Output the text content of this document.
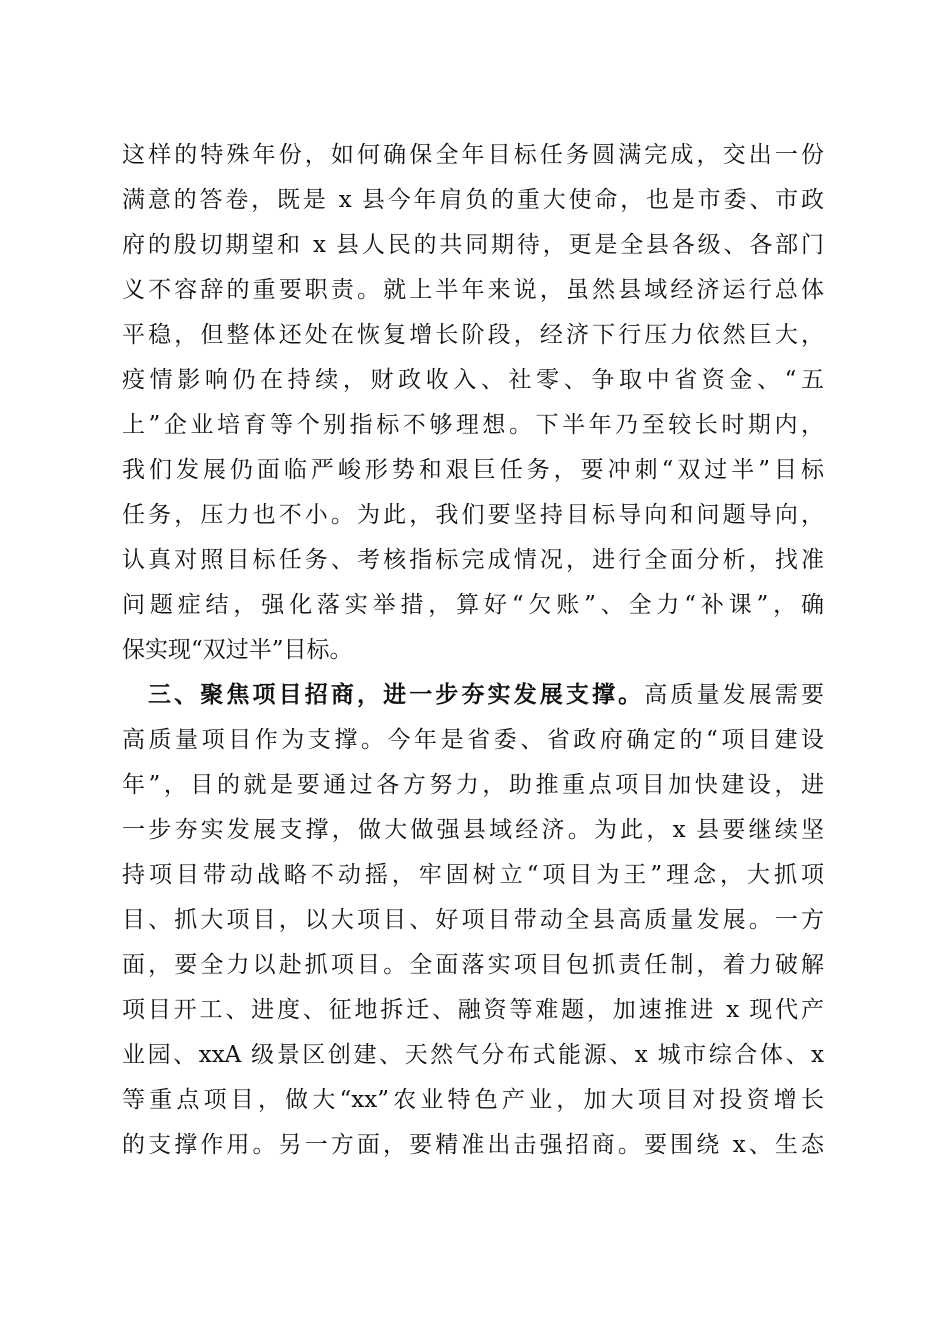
这样的特殊年份，如何确保全年目标任务圆满完成，交出一份
满意的答卷，既是 x 县今年肩负的重大使命，也是市委、市政
府的殷切期望和 x 县人民的共同期待，更是全县各级、各部门
义不容辞的重要职责。就上半年来说，虽然县域经济运行总体
平稳，但整体还处在恢复增长阶段，经济下行压力依然巨大，
疫情影响仍在持续，财政收入、社零、争取中省资金、“五
上”企业培育等个别指标不够理想。下半年乃至较长时期内，
我们发展仍面临严峻形势和艰巨任务，要冲刺“双过半”目标
任务，压力也不小。为此，我们要坚持目标导向和问题导向，
认真对照目标任务、考核指标完成情况，进行全面分析，找准
问题症结，强化落实举措，算好“欠账”、全力“补课”，确
保实现“双过半”目标。
三、聚焦项目招商，进一步夯实发展支撑。高质量发展需要
高质量项目作为支撑。今年是省委、省政府确定的“项目建设
年”，目的就是要通过各方努力，助推重点项目加快建设，进
一步夯实发展支撑，做大做强县域经济。为此，x 县要继续坚
持项目带动战略不动摇，牢固树立“项目为王”理念，大抓项
目、抓大项目，以大项目、好项目带动全县高质量发展。一方
面，要全力以赴抓项目。全面落实项目包抓责任制，着力破解
项目开工、进度、征地拆迁、融资等难题，加速推进 x 现代产
业园、xxA 级景区创建、天然气分布式能源、x 城市综合体、x
等重点项目，做大“xx”农业特色产业，加大项目对投资增长
的支撑作用。另一方面，要精准出击强招商。要围绕 x、生态
